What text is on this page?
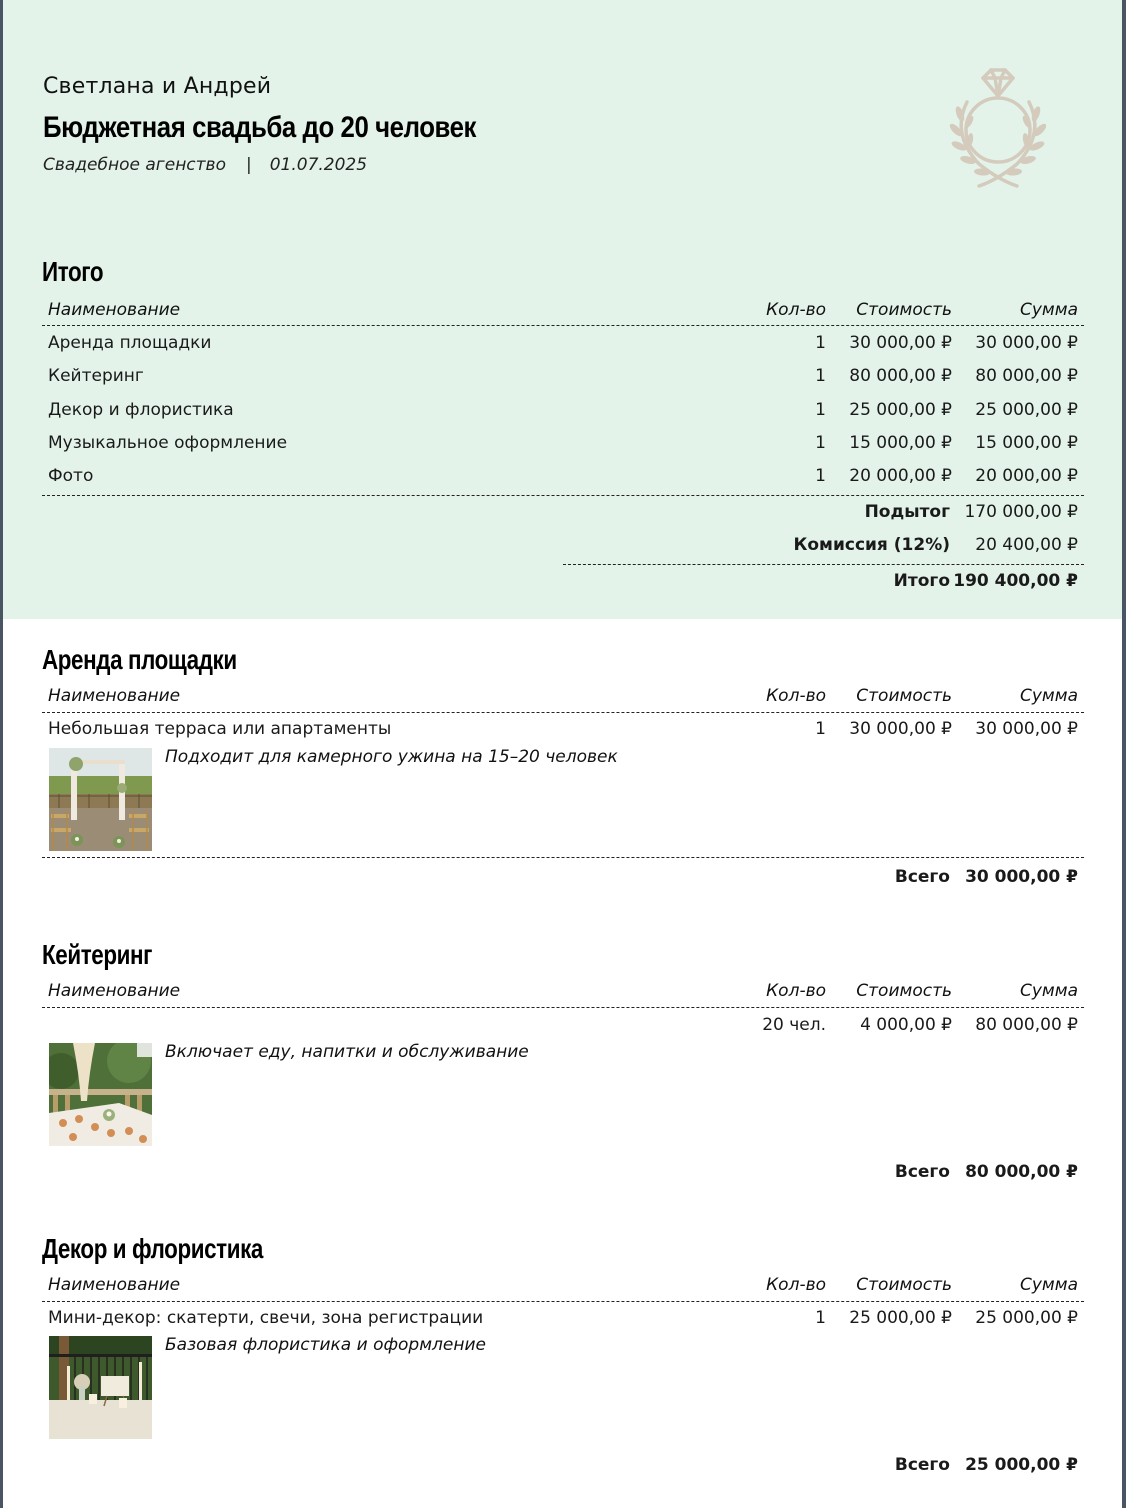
Светлана и Андрей
Бюджетная свадьба до 20 человек
Свадебное агенство | 01.07.2025
Итого
Наименование	Кол-во Стоимость	Сумма
Аренда площадки	1 30 000,00 ₽ 30 000,00 ₽
Кейтеринг	1 80 000,00 ₽ 80 000,00 ₽
Декор и флористика	1 25 000,00 ₽ 25 000,00 ₽
Музыкальное оформление	1 15 000,00 ₽ 15 000,00 ₽
Фото	1 20 000,00 ₽ 20 000,00 ₽
Подытог 170 000,00 ₽
Комиссия (12%) 20 400,00 ₽
Итого 190 400,00 ₽
Аренда площадки
Наименование	Кол-во Стоимость	Сумма
Небольшая терраса или апартаменты	1 30 000,00 ₽ 30 000,00 ₽
Подходит для камерного ужина на 15–20 человек
Всего 30 000,00 ₽
Кейтеринг
Наименование	Кол-во Стоимость	Сумма
20 чел. 4 000,00 ₽ 80 000,00 ₽
Включает еду, напитки и обслуживание
Всего 80 000,00 ₽
Декор и флористика
Наименование	Кол-во Стоимость	Сумма
Мини-декор: скатерти, свечи, зона регистрации	1 25 000,00 ₽ 25 000,00 ₽
Базовая флористика и оформление
Всего 25 000,00 ₽
